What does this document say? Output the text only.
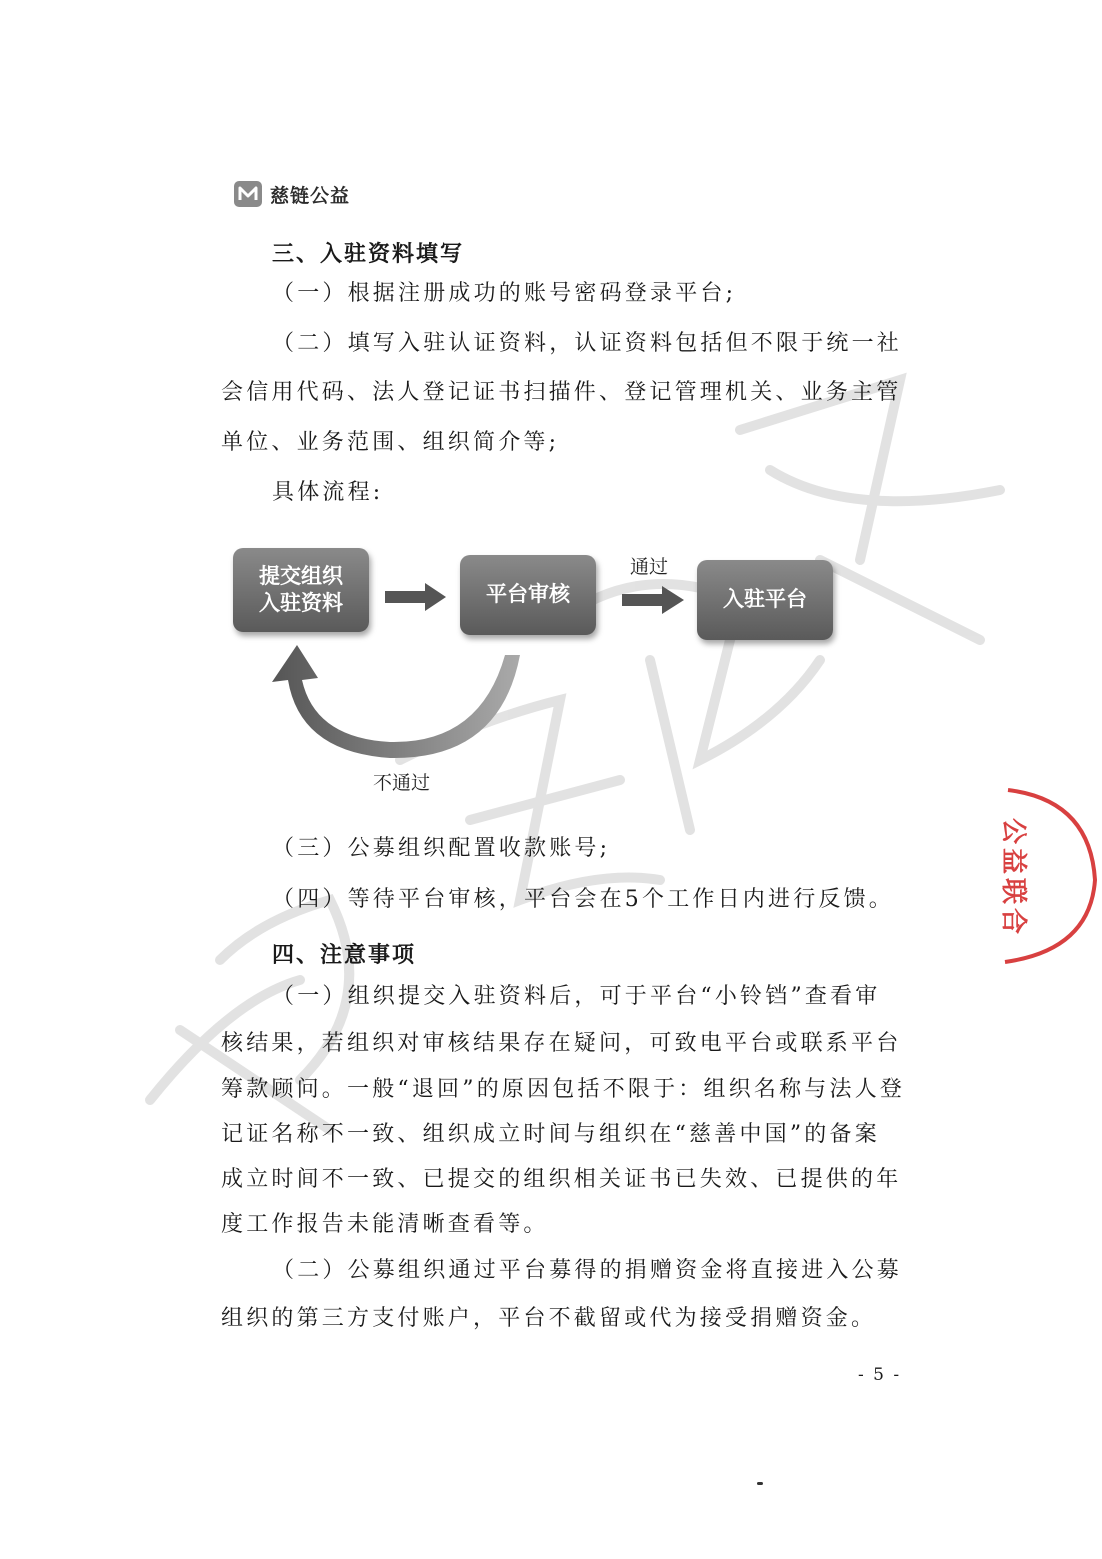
慈链公益
三、入驻资料填写
（一）根据注册成功的账号密码登录平台;
（二）填写入驻认证资料，认证资料包括但不限于统一社
会信用代码、法人登记证书扫描件、登记管理机关、业务主管
单位、业务范围、组织简介等;
具体流程:
提交组织
入驻资料	平台审核	入驻平台
通过
不通过
（三）公募组织配置收款账号;
（四）等待平台审核，平台会在5个工作日内进行反馈。
四、注意事项
（一）组织提交入驻资料后，可于平台“小铃铛”查看审
核结果，若组织对审核结果存在疑问，可致电平台或联系平台
筹款顾问。一般“退回”的原因包括不限于：组织名称与法人登
记证名称不一致、组织成立时间与组织在“慈善中国”的备案
成立时间不一致、已提交的组织相关证书已失效、已提供的年
度工作报告未能清晰查看等。
（二）公募组织通过平台募得的捐赠资金将直接进入公募
组织的第三方支付账户，平台不截留或代为接受捐赠资金。
公
益
联
合
- 5 -
